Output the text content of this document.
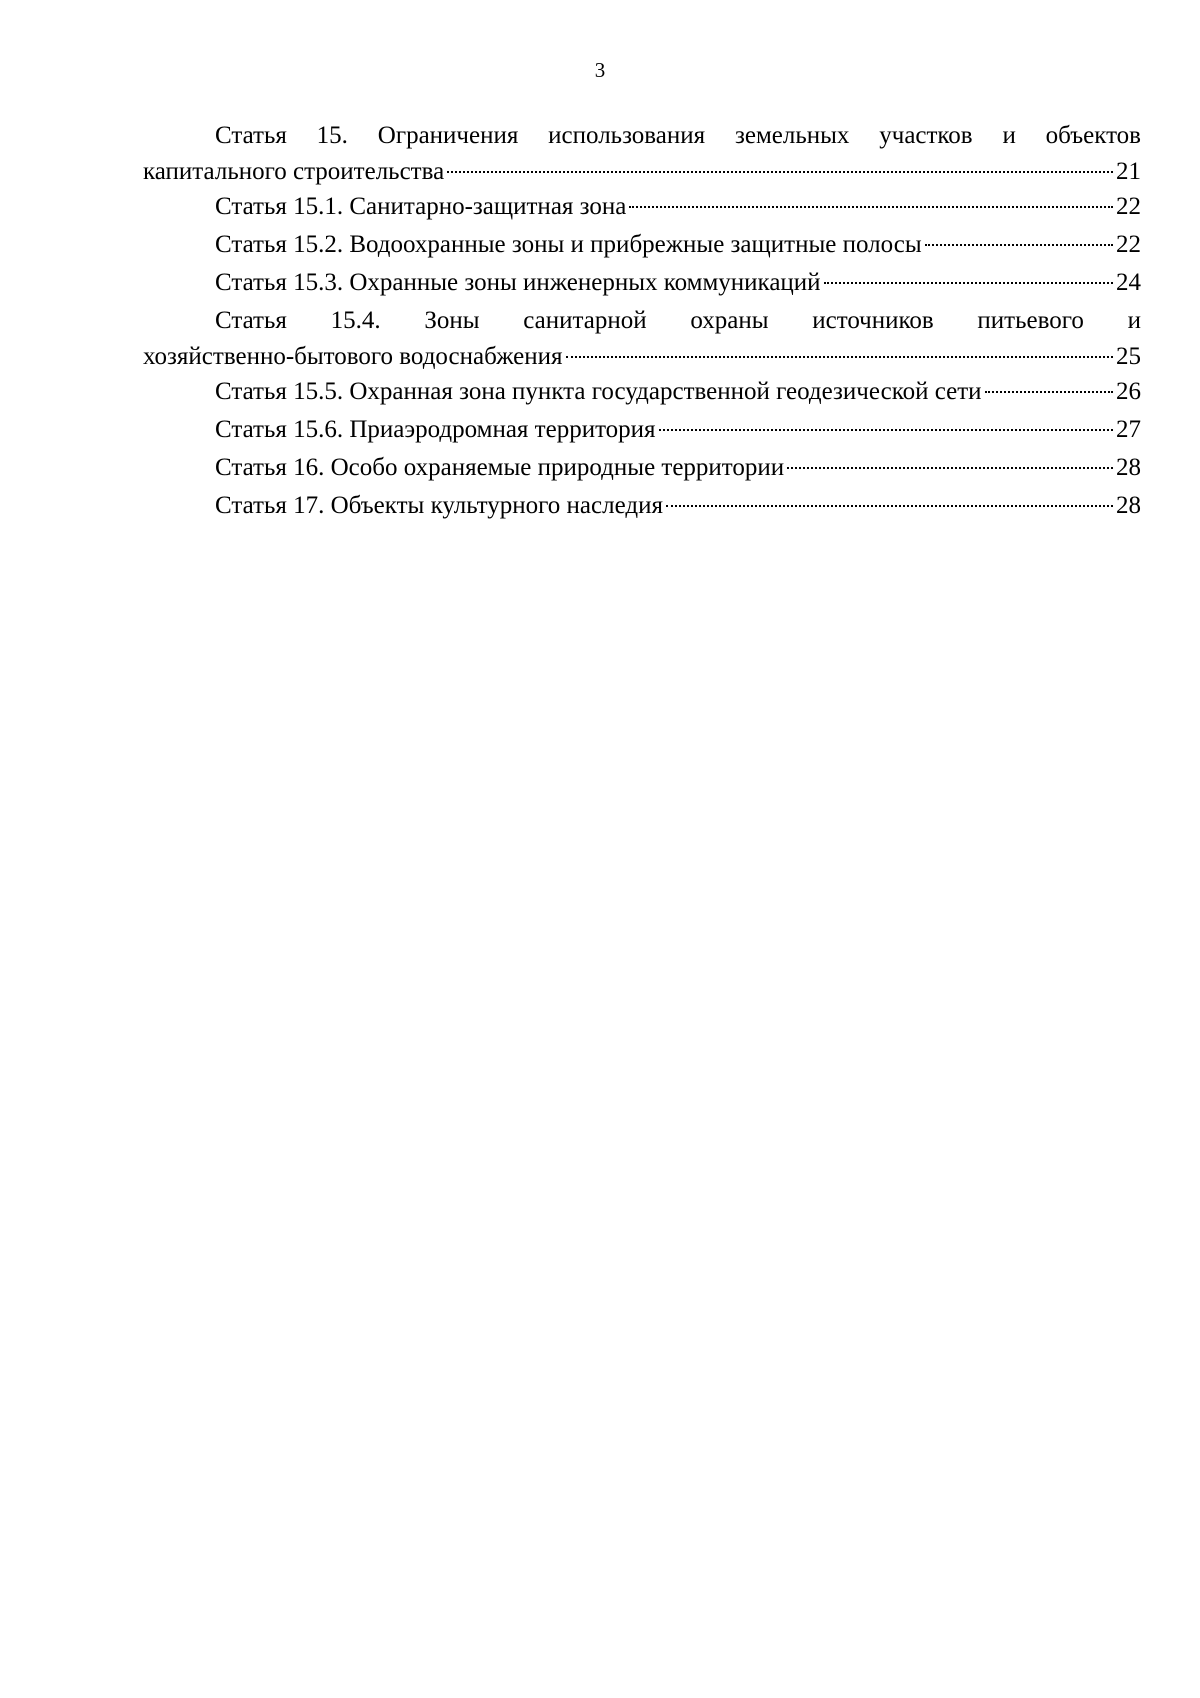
3
Статья 15. Ограничения использования земельных участков и объектов
капитального строительства	21
Статья 15.1. Санитарно-защитная зона	22
Статья 15.2. Водоохранные зоны и прибрежные защитные полосы	22
Статья 15.3. Охранные зоны инженерных коммуникаций	24
Статья 15.4. Зоны санитарной охраны источников питьевого и
хозяйственно-бытового водоснабжения	25
Статья 15.5. Охранная зона пункта государственной геодезической сети	26
Статья 15.6. Приаэродромная территория	27
Статья 16. Особо охраняемые природные территории	28
Статья 17. Объекты культурного наследия	28
